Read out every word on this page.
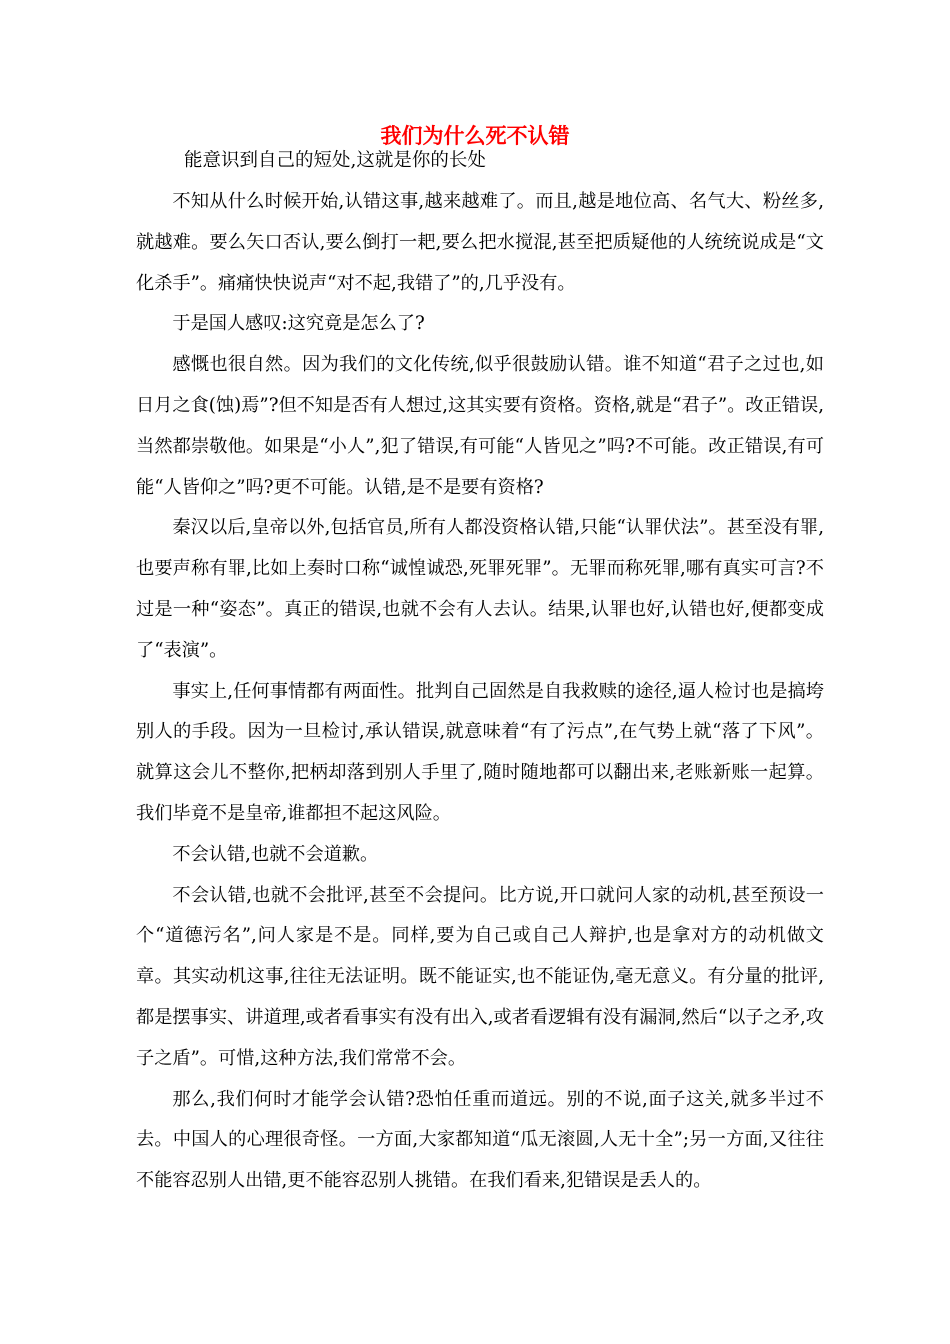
我们为什么死不认错
能意识到自己的短处,这就是你的长处

不知从什么时候开始,认错这事,越来越难了。而且,越是地位高、名气大、粉丝多,就越难。要么矢口否认,要么倒打一耙,要么把水搅混,甚至把质疑他的人统统说成是“文化杀手”。痛痛快快说声“对不起,我错了”的,几乎没有。

于是国人感叹:这究竟是怎么了?

感慨也很自然。因为我们的文化传统,似乎很鼓励认错。谁不知道“君子之过也,如日月之食(蚀)焉”?但不知是否有人想过,这其实要有资格。资格,就是“君子”。改正错误,当然都崇敬他。如果是“小人”,犯了错误,有可能“人皆见之”吗?不可能。改正错误,有可能“人皆仰之”吗?更不可能。认错,是不是要有资格?

秦汉以后,皇帝以外,包括官员,所有人都没资格认错,只能“认罪伏法”。甚至没有罪,也要声称有罪,比如上奏时口称“诚惶诚恐,死罪死罪”。无罪而称死罪,哪有真实可言?不过是一种“姿态”。真正的错误,也就不会有人去认。结果,认罪也好,认错也好,便都变成了“表演”。

事实上,任何事情都有两面性。批判自己固然是自我救赎的途径,逼人检讨也是搞垮别人的手段。因为一旦检讨,承认错误,就意味着“有了污点”,在气势上就“落了下风”。就算这会儿不整你,把柄却落到别人手里了,随时随地都可以翻出来,老账新账一起算。我们毕竟不是皇帝,谁都担不起这风险。

不会认错,也就不会道歉。

不会认错,也就不会批评,甚至不会提问。比方说,开口就问人家的动机,甚至预设一个“道德污名”,问人家是不是。同样,要为自己或自己人辩护,也是拿对方的动机做文章。其实动机这事,往往无法证明。既不能证实,也不能证伪,毫无意义。有分量的批评,都是摆事实、讲道理,或者看事实有没有出入,或者看逻辑有没有漏洞,然后“以子之矛,攻子之盾”。可惜,这种方法,我们常常不会。

那么,我们何时才能学会认错?恐怕任重而道远。别的不说,面子这关,就多半过不去。中国人的心理很奇怪。一方面,大家都知道“瓜无滚圆,人无十全”;另一方面,又往往不能容忍别人出错,更不能容忍别人挑错。在我们看来,犯错误是丢人的。
